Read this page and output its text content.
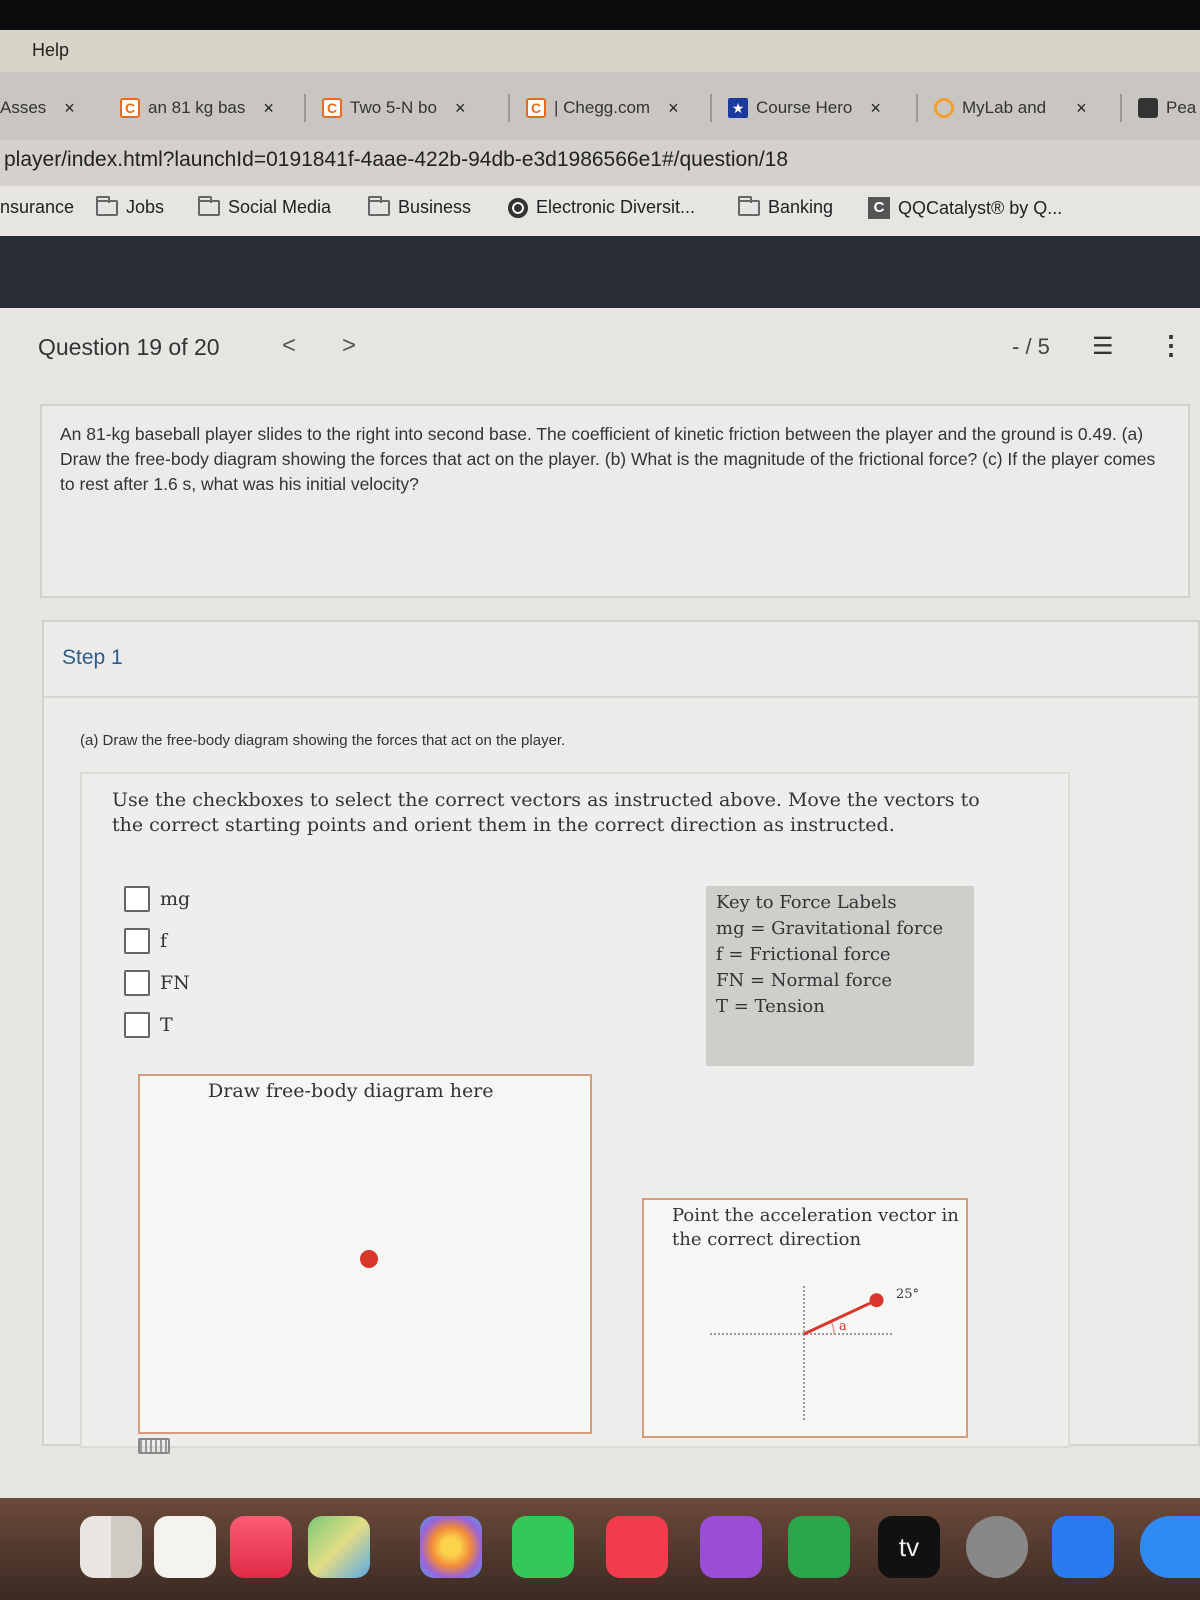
Help
Asses ×	C an 81 kg bas ×	C Two 5-N bo ×	C | Chegg.com ×	★ Course Hero ×	MyLab and ×	Pea
player/index.html?launchId=0191841f-4aae-422b-94db-e3d1986566e1#/question/18
nsurance	Jobs	Social Media	Business	Electronic Diversit...	Banking	C QQCatalyst® by Q...
Question 19 of 20	< >	- / 5 ☰ ⋮

An 81-kg baseball player slides to the right into second base. The coefficient of kinetic friction between the player and the ground is 0.49. (a) Draw the free-body diagram showing the forces that act on the player. (b) What is the magnitude of the frictional force? (c) If the player comes to rest after 1.6 s, what was his initial velocity?

Step 1
(a) Draw the free-body diagram showing the forces that act on the player.

Use the checkboxes to select the correct vectors as instructed above. Move the vectors to the correct starting points and orient them in the correct direction as instructed.

mg
f
FN
T
Key to Force Labels
mg = Gravitational force
f = Frictional force
FN = Normal force
T = Tension
Draw free-body diagram here
Point the acceleration vector in the correct direction
a
25°
tv
